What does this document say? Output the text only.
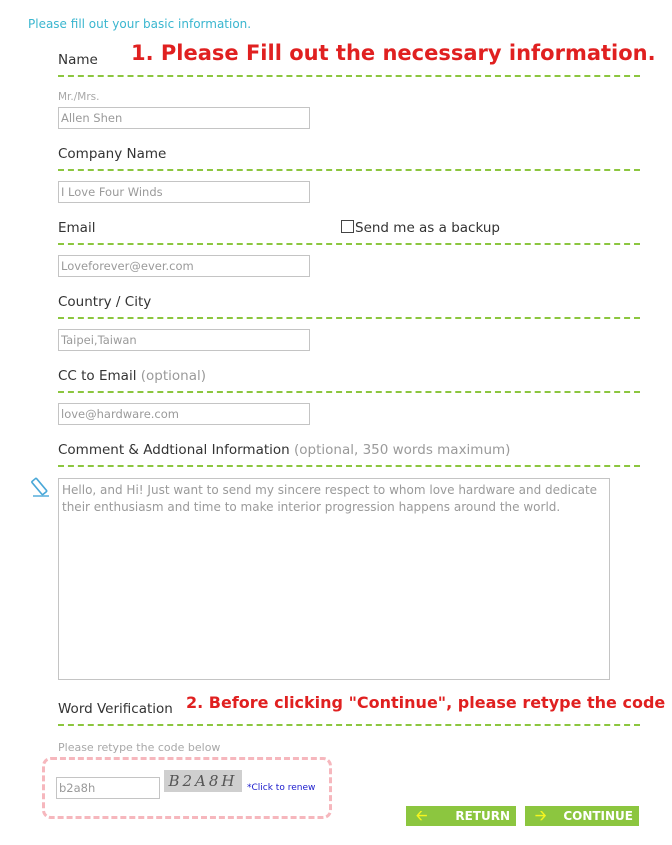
Please fill out your basic information.
Name 1. Please Fill out the necessary information.
Mr./Mrs.
Allen Shen
Company Name
I Love Four Winds
Email	Send me as a backup
Loveforever@ever.com
Country / City
Taipei,Taiwan
CC to Email (optional)
love@hardware.com
Comment & Addtional Information (optional, 350 words maximum)
Hello, and Hi! Just want to send my sincere respect to whom love hardware and dedicate their enthusiasm and time to make interior progression happens around the world.
Word Verification 2. Before clicking "Continue", please retype the code
Please retype the code below
b2a8h
B2A8H	*Click to renew
🡠 RETURN	🡢 CONTINUE
